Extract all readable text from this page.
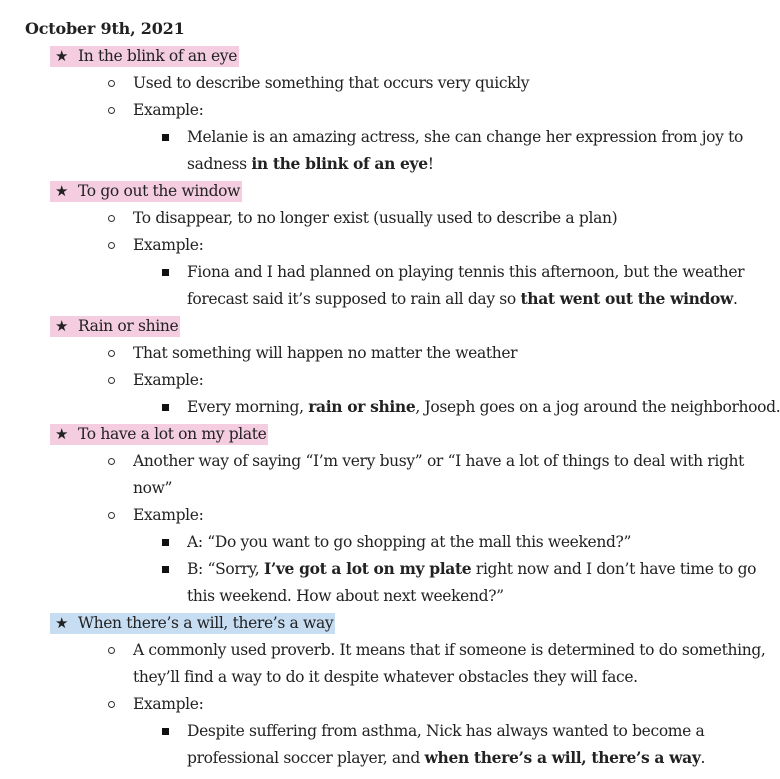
October 9th, 2021
In the blink of an eye
★
Used to describe something that occurs very quickly
Example:
Melanie is an amazing actress, she can change her expression from joy to
sadness in the blink of an eye!
To go out the window
★
To disappear, to no longer exist (usually used to describe a plan)
Example:
Fiona and I had planned on playing tennis this afternoon, but the weather
forecast said it’s supposed to rain all day so that went out the window.
Rain or shine
★
That something will happen no matter the weather
Example:
Every morning, rain or shine, Joseph goes on a jog around the neighborhood.
To have a lot on my plate
★
Another way of saying “I’m very busy” or “I have a lot of things to deal with right
now”
Example:
A: “Do you want to go shopping at the mall this weekend?”
B: “Sorry, I’ve got a lot on my plate right now and I don’t have time to go
this weekend. How about next weekend?”
When there’s a will, there’s a way
★
A commonly used proverb. It means that if someone is determined to do something,
they’ll find a way to do it despite whatever obstacles they will face.
Example:
Despite suffering from asthma, Nick has always wanted to become a
professional soccer player, and when there’s a will, there’s a way.
